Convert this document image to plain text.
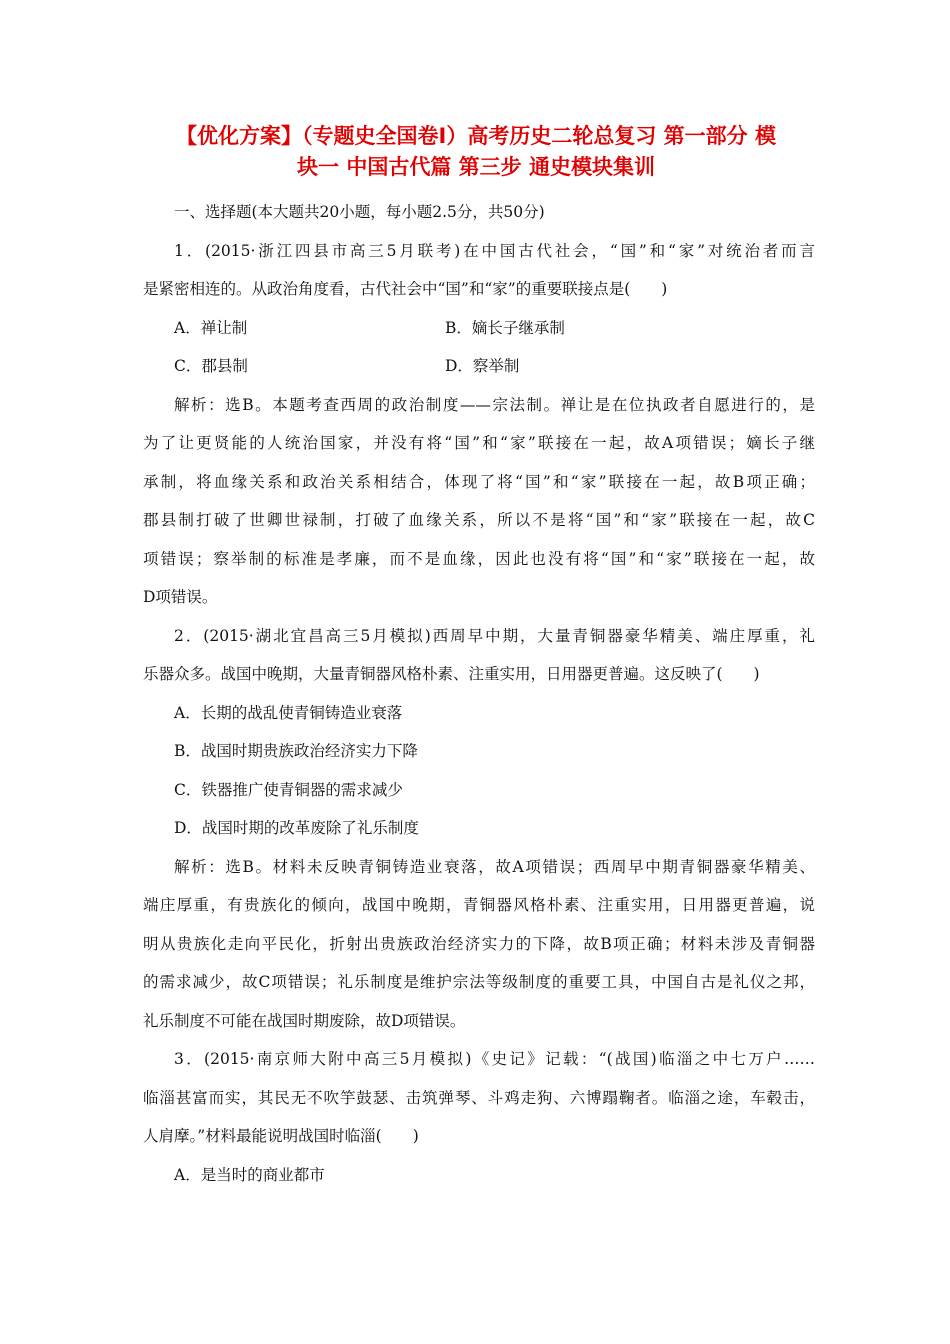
【优化方案】（专题史全国卷Ⅰ）高考历史二轮总复习 第一部分 模
块一 中国古代篇 第三步 通史模块集训
一、选择题(本大题共20小题，每小题2.5分，共50分)
1．(2015·浙江四县市高三5月联考)在中国古代社会，“国”和“家”对统治者而言
是紧密相连的。从政治角度看，古代社会中“国”和“家”的重要联接点是(　　)
A．禅让制	B．嫡长子继承制
C．郡县制	D．察举制
解析：选B。本题考查西周的政治制度——宗法制。禅让是在位执政者自愿进行的，是
为了让更贤能的人统治国家，并没有将“国”和“家”联接在一起，故A项错误；嫡长子继
承制，将血缘关系和政治关系相结合，体现了将“国”和“家”联接在一起，故B项正确；
郡县制打破了世卿世禄制，打破了血缘关系，所以不是将“国”和“家”联接在一起，故C
项错误；察举制的标准是孝廉，而不是血缘，因此也没有将“国”和“家”联接在一起，故
D项错误。
2．(2015·湖北宜昌高三5月模拟)西周早中期，大量青铜器豪华精美、端庄厚重，礼
乐器众多。战国中晚期，大量青铜器风格朴素、注重实用，日用器更普遍。这反映了(　　)
A．长期的战乱使青铜铸造业衰落
B．战国时期贵族政治经济实力下降
C．铁器推广使青铜器的需求减少
D．战国时期的改革废除了礼乐制度
解析：选B。材料未反映青铜铸造业衰落，故A项错误；西周早中期青铜器豪华精美、
端庄厚重，有贵族化的倾向，战国中晚期，青铜器风格朴素、注重实用，日用器更普遍，说
明从贵族化走向平民化，折射出贵族政治经济实力的下降，故B项正确；材料未涉及青铜器
的需求减少，故C项错误；礼乐制度是维护宗法等级制度的重要工具，中国自古是礼仪之邦，
礼乐制度不可能在战国时期废除，故D项错误。
3．(2015·南京师大附中高三5月模拟)《史记》记载：“(战国)临淄之中七万户……
临淄甚富而实，其民无不吹竽鼓瑟、击筑弹琴、斗鸡走狗、六博蹋鞠者。临淄之途，车毂击，
人肩摩。”材料最能说明战国时临淄(　　)
A．是当时的商业都市
